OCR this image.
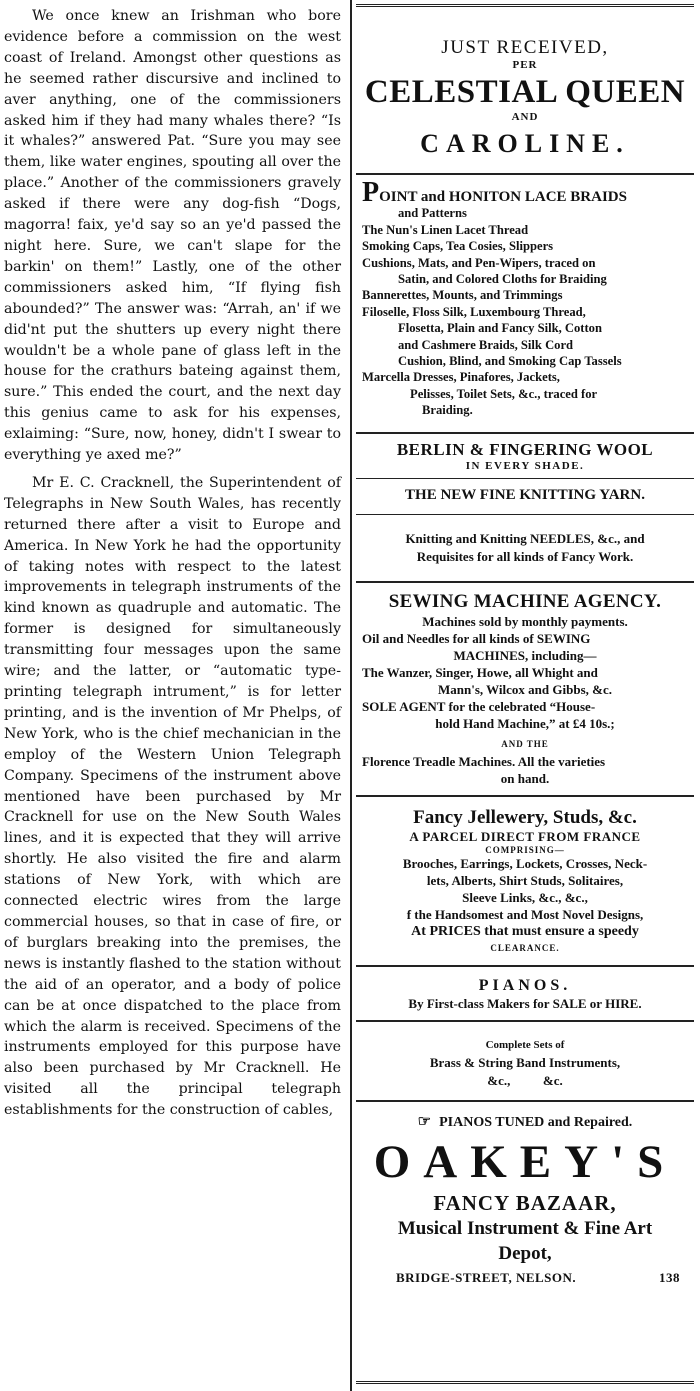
We once knew an Irishman who bore evidence before a commission on the west coast of Ireland. Amongst other questions as he seemed rather discursive and inclined to aver anything, one of the commissioners asked him if they had many whales there? “Is it whales?” answered Pat. “Sure you may see them, like water engines, spouting all over the place.” Another of the commissioners gravely asked if there were any dog-fish “Dogs, magorra! faix, ye'd say so an ye'd passed the night here. Sure, we can't slape for the barkin' on them!” Lastly, one of the other commissioners asked him, “If flying fish abounded?” The answer was: “Arrah, an' if we did'nt put the shutters up every night there wouldn't be a whole pane of glass left in the house for the crathurs bateing against them, sure.” This ended the court, and the next day this genius came to ask for his expenses, exlaiming: “Sure, now, honey, didn't I swear to everything ye axed me?”

Mr E. C. Cracknell, the Superintendent of Telegraphs in New South Wales, has recently returned there after a visit to Europe and America. In New York he had the opportunity of taking notes with respect to the latest improvements in telegraph instruments of the kind known as quadruple and automatic. The former is designed for simultaneously transmitting four messages upon the same wire; and the latter, or “automatic type-printing telegraph intrument,” is for letter printing, and is the invention of Mr Phelps, of New York, who is the chief mechanician in the employ of the Western Union Telegraph Company. Specimens of the instrument above mentioned have been purchased by Mr Cracknell for use on the New South Wales lines, and it is expected that they will arrive shortly. He also visited the fire and alarm stations of New York, with which are connected electric wires from the large commercial houses, so that in case of fire, or of burglars breaking into the premises, the news is instantly flashed to the station without the aid of an operator, and a body of police can be at once dispatched to the place from which the alarm is received. Specimens of the instruments employed for this purpose have also been purchased by Mr Cracknell. He visited all the principal telegraph establishments for the construction of cables,

JUST RECEIVED,
PER
CELESTIAL QUEEN
AND
CAROLINE.
POINT and HONITON LACE BRAIDS
and Patterns
The Nun's Linen Lacet Thread
Smoking Caps, Tea Cosies, Slippers
Cushions, Mats, and Pen-Wipers, traced on
Satin, and Colored Cloths for Braiding
Bannerettes, Mounts, and Trimmings
Filoselle, Floss Silk, Luxembourg Thread,
Flosetta, Plain and Fancy Silk, Cotton
and Cashmere Braids, Silk Cord
Cushion, Blind, and Smoking Cap Tassels
Marcella Dresses, Pinafores, Jackets,
Pelisses, Toilet Sets, &c., traced for
Braiding.
BERLIN & FINGERING WOOL
IN EVERY SHADE.
THE NEW FINE KNITTING YARN.
Knitting and Knitting NEEDLES, &c., and
Requisites for all kinds of Fancy Work.
SEWING MACHINE AGENCY.
Machines sold by monthly payments.
Oil and Needles for all kinds of SEWING
MACHINES, including—
The Wanzer, Singer, Howe, all Whight and
Mann's, Wilcox and Gibbs, &c.
SOLE AGENT for the celebrated “House-
hold Hand Machine,” at £4 10s.;
AND THE
Florence Treadle Machines. All the varieties
on hand.
Fancy Jellewery, Studs, &c.
A PARCEL DIRECT FROM FRANCE
COMPRISING—
Brooches, Earrings, Lockets, Crosses, Neck-
lets, Alberts, Shirt Studs, Solitaires,
Sleeve Links, &c., &c.,
f the Handsomest and Most Novel Designs,
At PRICES that must ensure a speedy
CLEARANCE.
PIANOS.
By First-class Makers for SALE or HIRE.
Complete Sets of
Brass & String Band Instruments,
&c.,          &c.
☞ PIANOS TUNED and Repaired.
OAKEY'S
FANCY BAZAAR,
Musical Instrument & Fine Art
Depot,
BRIDGE-STREET, NELSON.	138
